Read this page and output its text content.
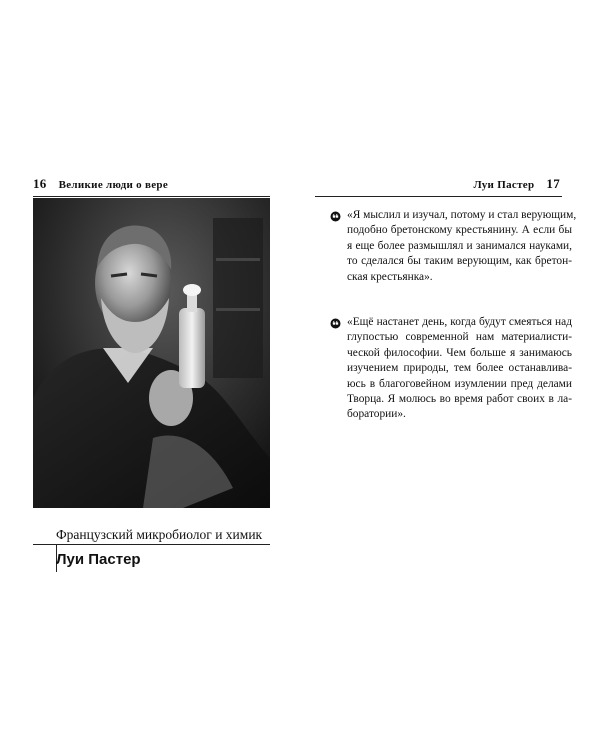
16 Великие люди о вере
Французский микробиолог и химик
Луи Пастер
Луи Пастер 17
«Я мыслил и изучал, потому и стал верующим,
подобно бретонскому крестьянину. А если бы
я еще более размышлял и занимался науками,
то сделался бы таким верующим, как бретон-
ская крестьянка».
«Ещё настанет день, когда будут смеяться над
глупостью современной нам материалисти-
ческой философии. Чем больше я занимаюсь
изучением природы, тем более останавлива-
юсь в благоговейном изумлении пред делами
Творца. Я молюсь во время работ своих в ла-
боратории».
